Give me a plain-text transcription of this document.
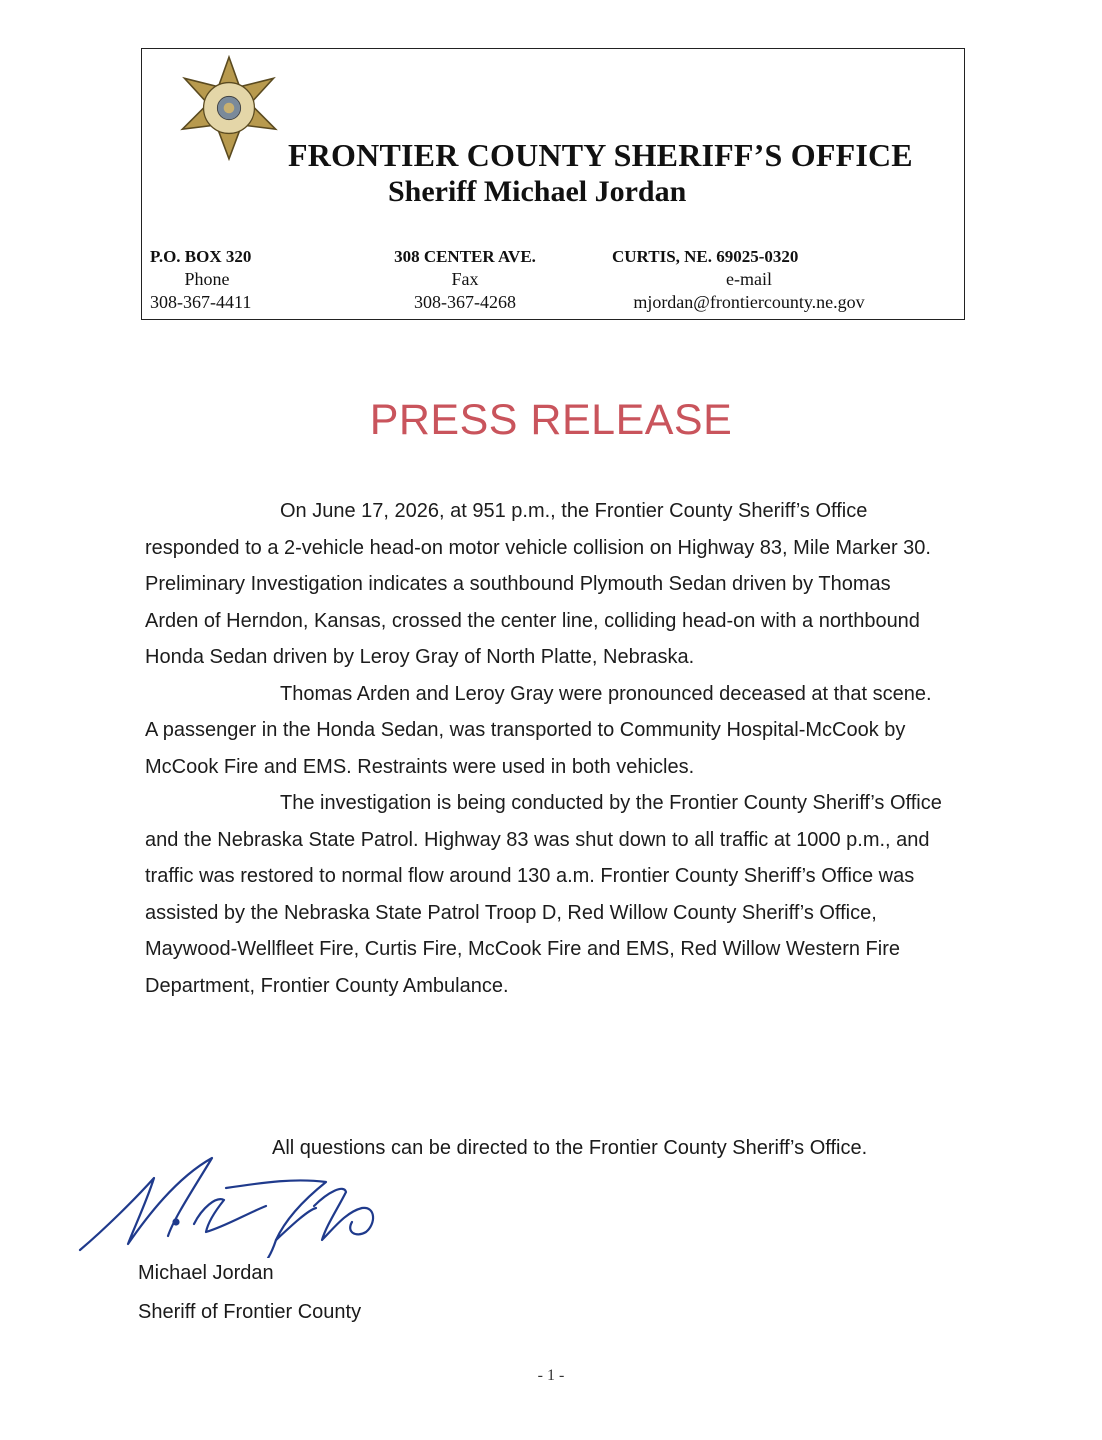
FRONTIER COUNTY SHERIFF’S OFFICE
Sheriff Michael Jordan
P.O. BOX 320
Phone
308-367-4411
308 CENTER AVE.
Fax
308-367-4268
CURTIS, NE. 69025-0320
e-mail
mjordan@frontiercounty.ne.gov
PRESS RELEASE

On June 17, 2026, at 951 p.m., the Frontier County Sheriff’s Office responded to a 2-vehicle head-on motor vehicle collision on Highway 83, Mile Marker 30. Preliminary Investigation indicates a southbound Plymouth Sedan driven by Thomas Arden of Herndon, Kansas, crossed the center line, colliding head-on with a northbound Honda Sedan driven by Leroy Gray of North Platte, Nebraska.

Thomas Arden and Leroy Gray were pronounced deceased at that scene. A passenger in the Honda Sedan, was transported to Community Hospital-McCook by McCook Fire and EMS. Restraints were used in both vehicles.

The investigation is being conducted by the Frontier County Sheriff’s Office and the Nebraska State Patrol. Highway 83 was shut down to all traffic at 1000 p.m., and traffic was restored to normal flow around 130 a.m. Frontier County Sheriff’s Office was assisted by the Nebraska State Patrol Troop D, Red Willow County Sheriff’s Office, Maywood-Wellfleet Fire, Curtis Fire, McCook Fire and EMS, Red Willow Western Fire Department, Frontier County Ambulance.

All questions can be directed to the Frontier County Sheriff’s Office.
Michael Jordan
Sheriff of Frontier County
- 1 -
